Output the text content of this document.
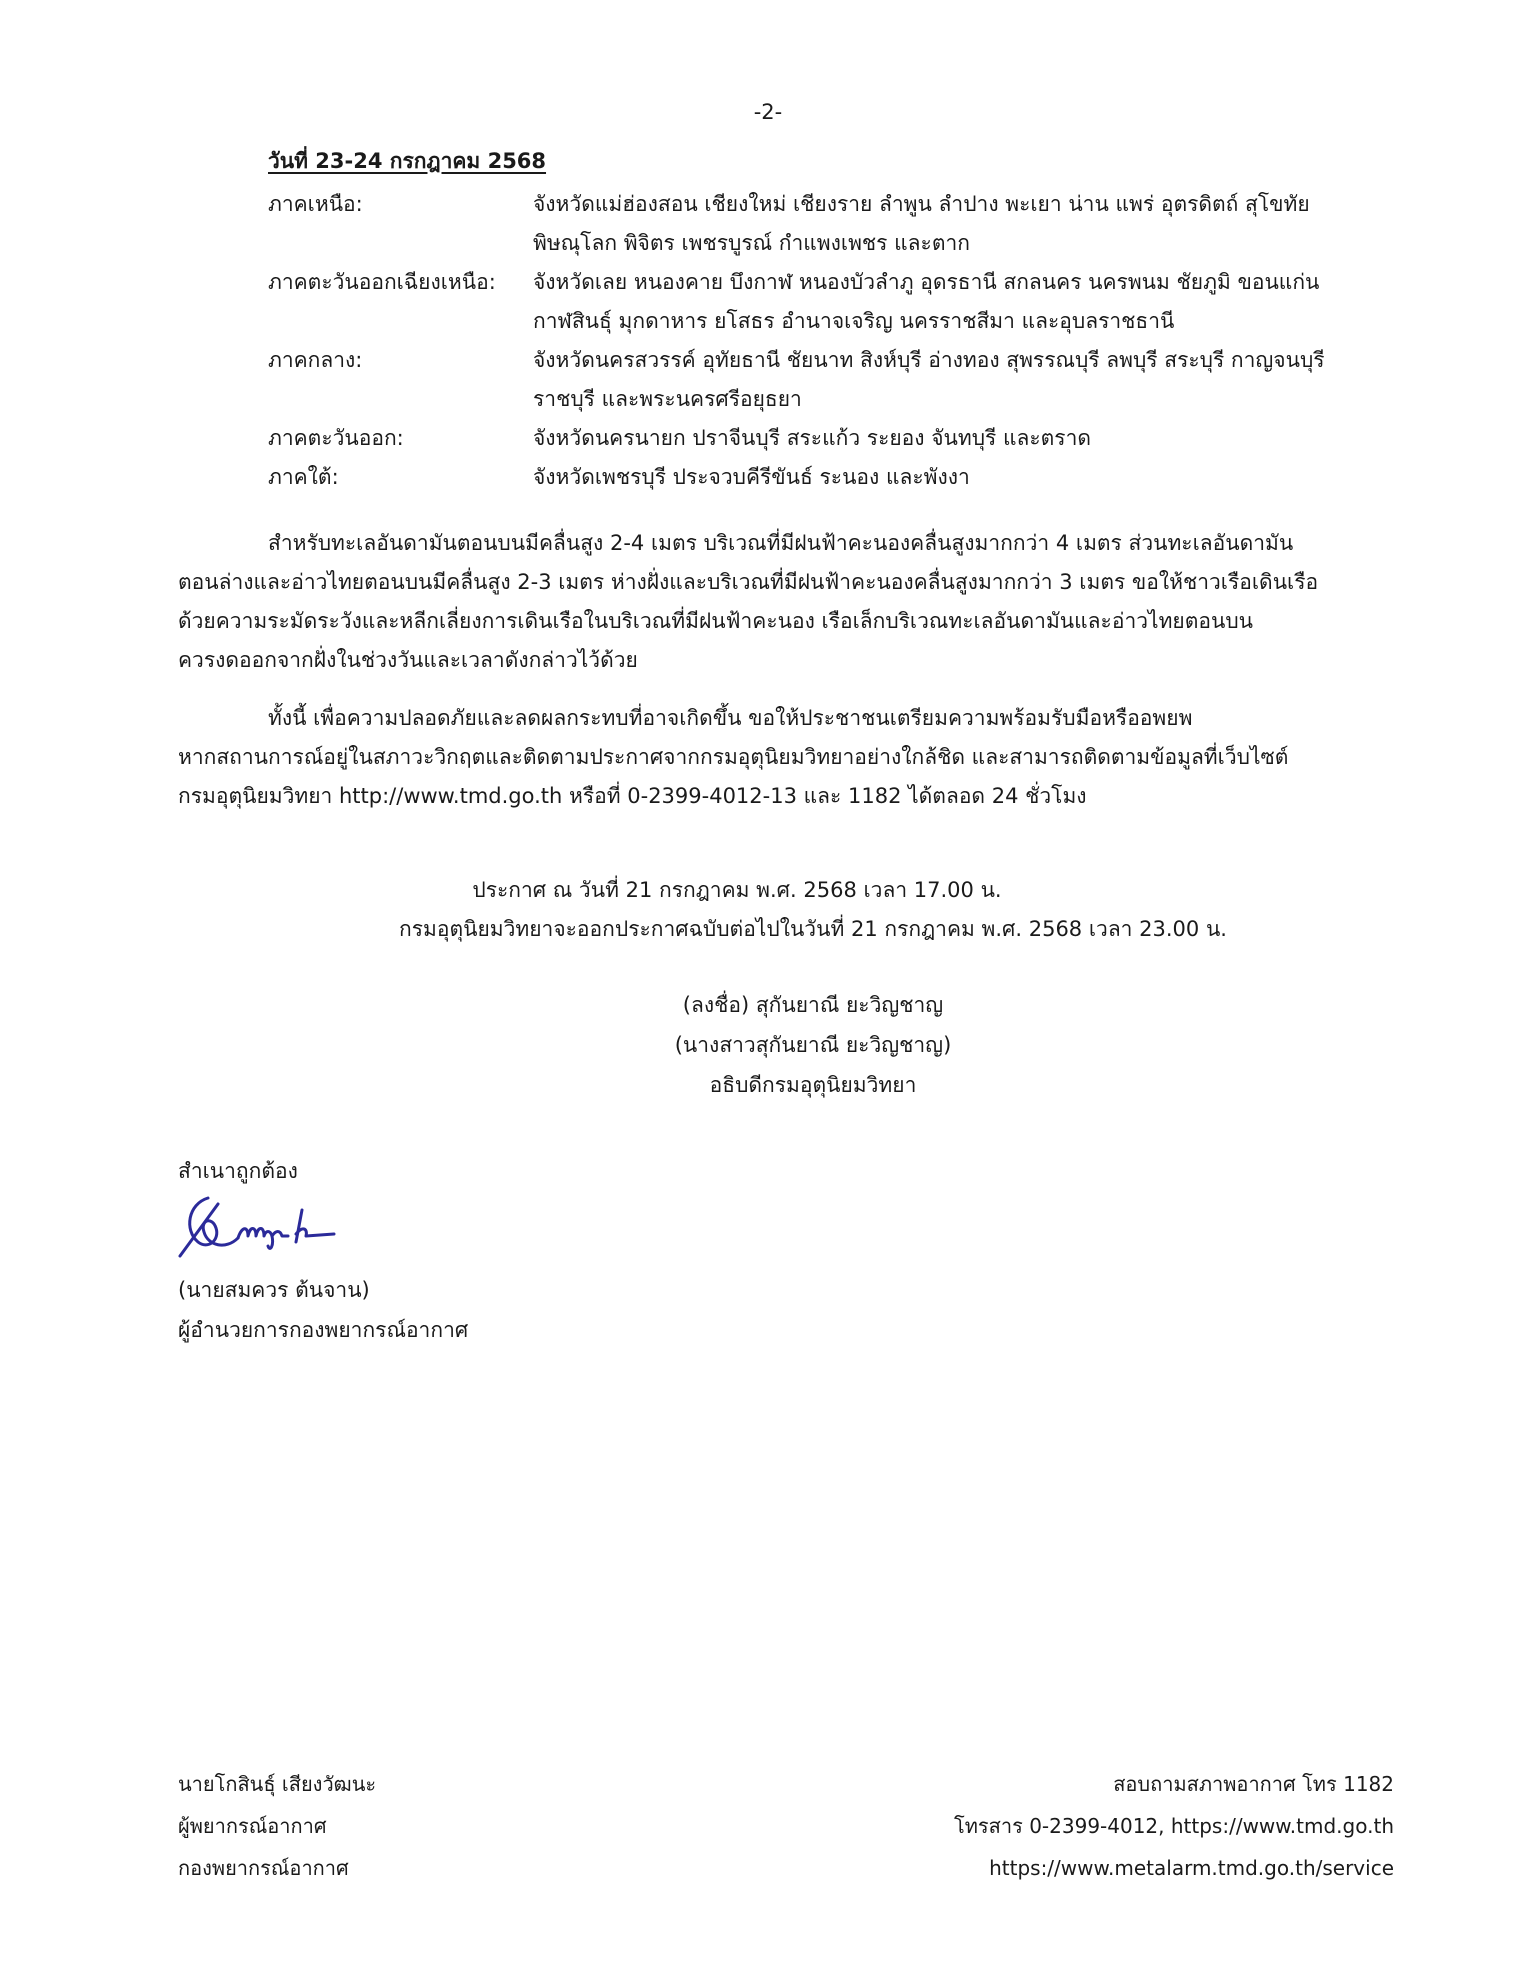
-2-
วันที่ 23-24 กรกฎาคม 2568
ภาคเหนือ:	จังหวัดแม่ฮ่องสอน เชียงใหม่ เชียงราย ลำพูน ลำปาง พะเยา น่าน แพร่ อุตรดิตถ์ สุโขทัย
พิษณุโลก พิจิตร เพชรบูรณ์ กำแพงเพชร และตาก
ภาคตะวันออกเฉียงเหนือ:	จังหวัดเลย หนองคาย บึงกาฬ หนองบัวลำภู อุดรธานี สกลนคร นครพนม ชัยภูมิ ขอนแก่น
กาฬสินธุ์ มุกดาหาร ยโสธร อำนาจเจริญ นครราชสีมา และอุบลราชธานี
ภาคกลาง:	จังหวัดนครสวรรค์ อุทัยธานี ชัยนาท สิงห์บุรี อ่างทอง สุพรรณบุรี ลพบุรี สระบุรี กาญจนบุรี
ราชบุรี และพระนครศรีอยุธยา
ภาคตะวันออก:	จังหวัดนครนายก ปราจีนบุรี สระแก้ว ระยอง จันทบุรี และตราด
ภาคใต้:	จังหวัดเพชรบุรี ประจวบคีรีขันธ์ ระนอง และพังงา
สำหรับทะเลอันดามันตอนบนมีคลื่นสูง 2-4 เมตร บริเวณที่มีฝนฟ้าคะนองคลื่นสูงมากกว่า 4 เมตร ส่วนทะเลอันดามัน
ตอนล่างและอ่าวไทยตอนบนมีคลื่นสูง 2-3 เมตร ห่างฝั่งและบริเวณที่มีฝนฟ้าคะนองคลื่นสูงมากกว่า 3 เมตร ขอให้ชาวเรือเดินเรือ
ด้วยความระมัดระวังและหลีกเลี่ยงการเดินเรือในบริเวณที่มีฝนฟ้าคะนอง เรือเล็กบริเวณทะเลอันดามันและอ่าวไทยตอนบน
ควรงดออกจากฝั่งในช่วงวันและเวลาดังกล่าวไว้ด้วย
ทั้งนี้ เพื่อความปลอดภัยและลดผลกระทบที่อาจเกิดขึ้น ขอให้ประชาชนเตรียมความพร้อมรับมือหรืออพยพ
หากสถานการณ์อยู่ในสภาวะวิกฤตและติดตามประกาศจากกรมอุตุนิยมวิทยาอย่างใกล้ชิด และสามารถติดตามข้อมูลที่เว็บไซต์
กรมอุตุนิยมวิทยา http://www.tmd.go.th หรือที่ 0-2399-4012-13 และ 1182 ได้ตลอด 24 ชั่วโมง
ประกาศ ณ วันที่ 21 กรกฎาคม พ.ศ. 2568 เวลา 17.00 น.
กรมอุตุนิยมวิทยาจะออกประกาศฉบับต่อไปในวันที่ 21 กรกฎาคม พ.ศ. 2568 เวลา 23.00 น.
(ลงชื่อ) สุกันยาณี ยะวิญชาญ
(นางสาวสุกันยาณี ยะวิญชาญ)
อธิบดีกรมอุตุนิยมวิทยา
สำเนาถูกต้อง
(นายสมควร ต้นจาน)
ผู้อำนวยการกองพยากรณ์อากาศ
นายโกสินธุ์ เสียงวัฒนะ
ผู้พยากรณ์อากาศ
กองพยากรณ์อากาศ
สอบถามสภาพอากาศ โทร 1182
โทรสาร 0-2399-4012, https://www.tmd.go.th
https://www.metalarm.tmd.go.th/service
